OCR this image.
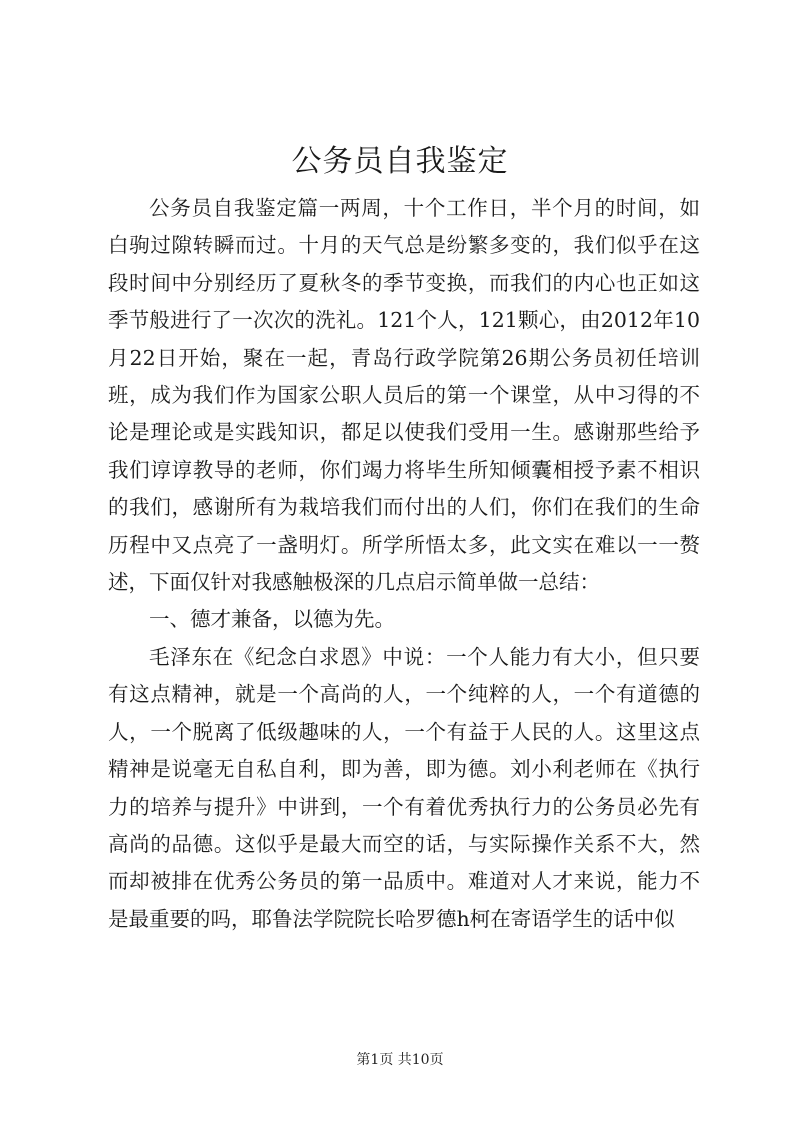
公务员自我鉴定

公务员自我鉴定篇一两周，十个工作日，半个月的时间，如白驹过隙转瞬而过。十月的天气总是纷繁多变的，我们似乎在这段时间中分别经历了夏秋冬的季节变换，而我们的内心也正如这季节般进行了一次次的洗礼。121个人，121颗心，由2012年10月22日开始，聚在一起，青岛行政学院第26期公务员初任培训班，成为我们作为国家公职人员后的第一个课堂，从中习得的不论是理论或是实践知识，都足以使我们受用一生。感谢那些给予我们谆谆教导的老师，你们竭力将毕生所知倾囊相授予素不相识的我们，感谢所有为栽培我们而付出的人们，你们在我们的生命历程中又点亮了一盏明灯。所学所悟太多，此文实在难以一一赘述，下面仅针对我感触极深的几点启示简单做一总结：

一、德才兼备，以德为先。

毛泽东在《纪念白求恩》中说：一个人能力有大小，但只要有这点精神，就是一个高尚的人，一个纯粹的人，一个有道德的人，一个脱离了低级趣味的人，一个有益于人民的人。这里这点精神是说毫无自私自利，即为善，即为德。刘小利老师在《执行力的培养与提升》中讲到，一个有着优秀执行力的公务员必先有高尚的品德。这似乎是最大而空的话，与实际操作关系不大，然而却被排在优秀公务员的第一品质中。难道对人才来说，能力不是最重要的吗，耶鲁法学院院长哈罗德h柯在寄语学生的话中似

第1页 共10页
